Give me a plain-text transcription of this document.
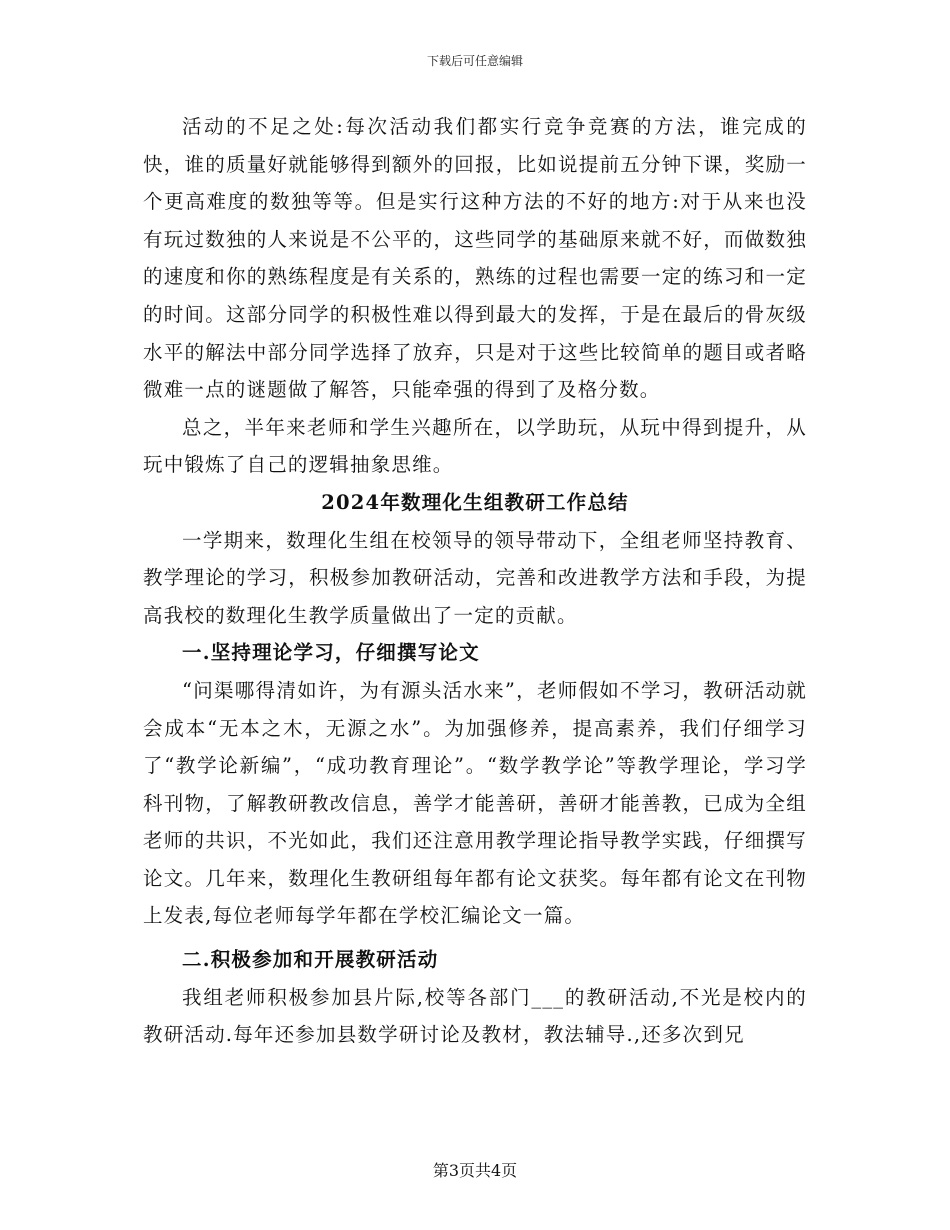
下载后可任意编辑

活动的不足之处:每次活动我们都实行竞争竞赛的方法，谁完成的快，谁的质量好就能够得到额外的回报，比如说提前五分钟下课，奖励一个更高难度的数独等等。但是实行这种方法的不好的地方:对于从来也没有玩过数独的人来说是不公平的，这些同学的基础原来就不好，而做数独的速度和你的熟练程度是有关系的，熟练的过程也需要一定的练习和一定的时间。这部分同学的积极性难以得到最大的发挥，于是在最后的骨灰级水平的解法中部分同学选择了放弃，只是对于这些比较简单的题目或者略微难一点的谜题做了解答，只能牵强的得到了及格分数。

总之，半年来老师和学生兴趣所在，以学助玩，从玩中得到提升，从玩中锻炼了自己的逻辑抽象思维。

2024年数理化生组教研工作总结

一学期来，数理化生组在校领导的领导带动下，全组老师坚持教育、教学理论的学习，积极参加教研活动，完善和改进教学方法和手段，为提高我校的数理化生教学质量做出了一定的贡献。

一.坚持理论学习，仔细撰写论文

“问渠哪得清如许，为有源头活水来”，老师假如不学习，教研活动就会成本“无本之木，无源之水”。为加强修养，提高素养，我们仔细学习了“教学论新编”，“成功教育理论”。“数学教学论”等教学理论，学习学科刊物，了解教研教改信息，善学才能善研，善研才能善教，已成为全组老师的共识，不光如此，我们还注意用教学理论指导教学实践，仔细撰写论文。几年来，数理化生教研组每年都有论文获奖。每年都有论文在刊物上发表,每位老师每学年都在学校汇编论文一篇。

二.积极参加和开展教研活动

我组老师积极参加县片际,校等各部门___的教研活动,不光是校内的教研活动.每年还参加县数学研讨论及教材，教法辅导.,还多次到兄

第3页共4页
